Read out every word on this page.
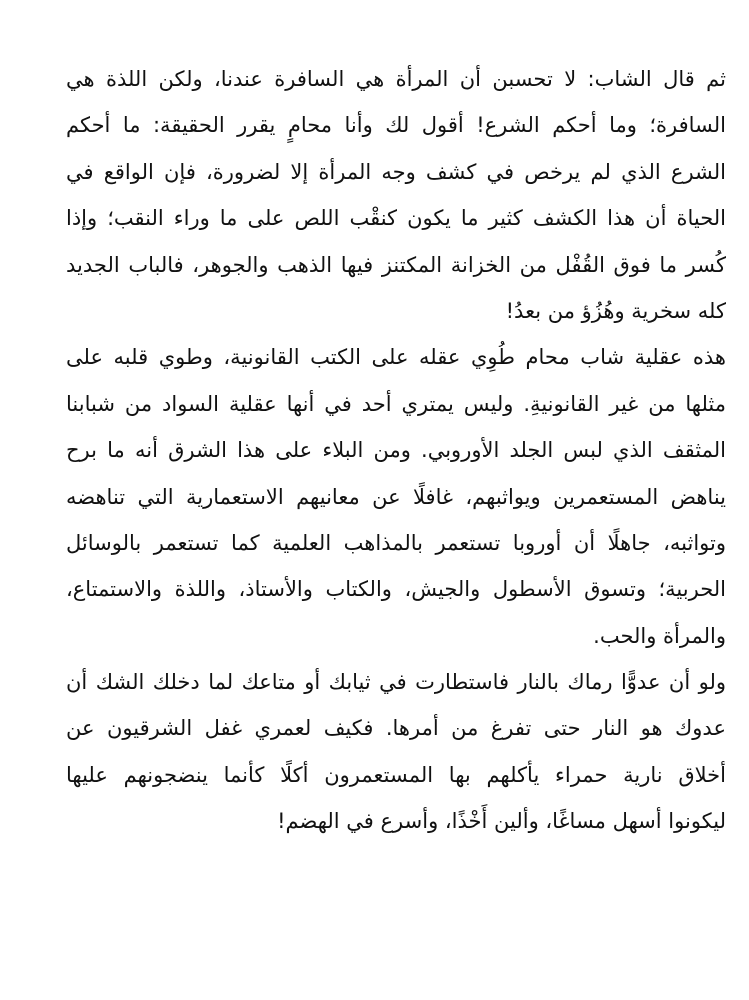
ثم قال الشاب: لا تحسبن أن المرأة هي السافرة عندنا، ولكن اللذة هي
السافرة؛ وما أحكم الشرع! أقول لك وأنا محامٍ يقرر الحقيقة: ما أحكم
الشرع الذي لم يرخص في كشف وجه المرأة إلا لضرورة، فإن الواقع في
الحياة أن هذا الكشف كثير ما يكون كنقْب اللص على ما وراء النقب؛ وإذا
كُسر ما فوق القُفْل من الخزانة المكتنز فيها الذهب والجوهر، فالباب الجديد
كله سخرية وهُزُؤ من بعدُ!
هذه عقلية شاب محام طُوِي عقله على الكتب القانونية، وطوي قلبه على
مثلها من غير القانونيةِ. وليس يمتري أحد في أنها عقلية السواد من شبابنا
المثقف الذي لبس الجلد الأوروبي. ومن البلاء على هذا الشرق أنه ما برح
يناهض المستعمرين ويواثبهم، غافلًا عن معانيهم الاستعمارية التي تناهضه
وتواثبه، جاهلًا أن أوروبا تستعمر بالمذاهب العلمية كما تستعمر بالوسائل
الحربية؛ وتسوق الأسطول والجيش، والكتاب والأستاذ، واللذة والاستمتاع،
والمرأة والحب.
ولو أن عدوًّا رماك بالنار فاستطارت في ثيابك أو متاعك لما دخلك الشك أن
عدوك هو النار حتى تفرغ من أمرها. فكيف لعمري غفل الشرقيون عن
أخلاق نارية حمراء يأكلهم بها المستعمرون أكلًا كأنما ينضجونهم عليها
ليكونوا أسهل مساغًا، وألين أَخْذًا، وأسرع في الهضم!
